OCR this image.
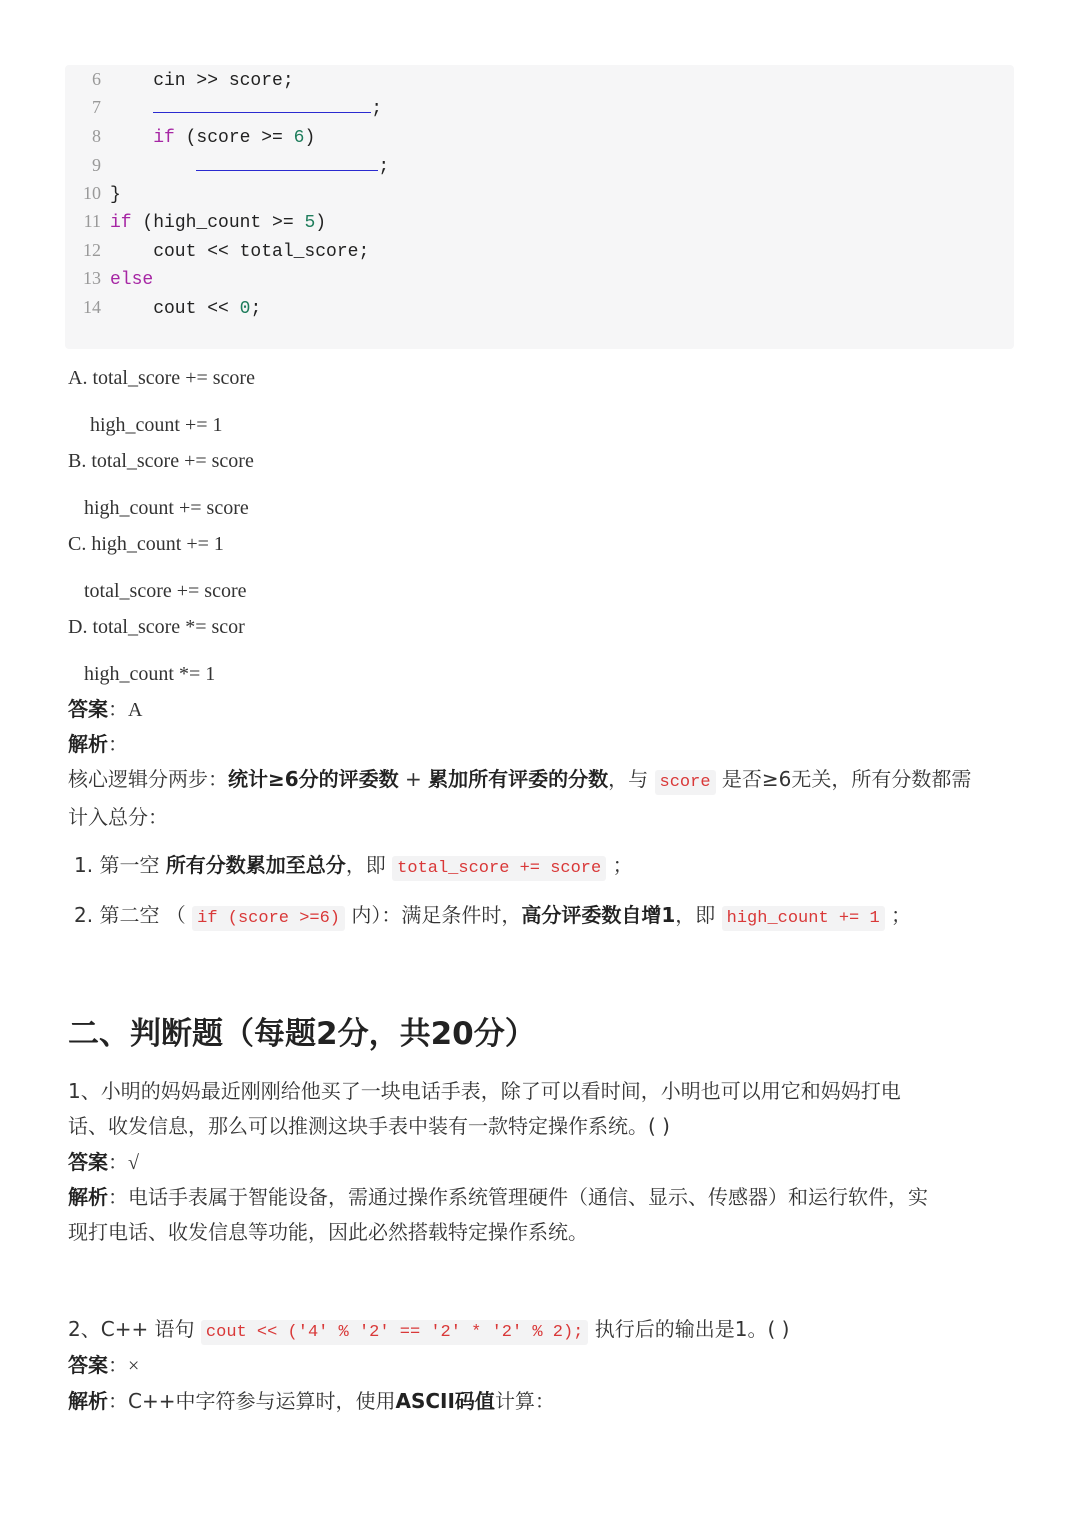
6    cin >> score;
7	;
8	if (score >= 6)
9	;
10 }
11 if (high_count >= 5)
12    cout << total_score;
13 else
14    cout << 0;
A. total_score += score
high_count += 1
B. total_score += score
high_count += score
C. high_count += 1
total_score += score
D. total_score *= scor
high_count *= 1
答案：A
解析：
核心逻辑分两步：统计≥6分的评委数 + 累加所有评委的分数，与 score 是否≥6无关，所有分数都需
计入总分：
1. 第一空 所有分数累加至总分，即 total_score += score ；
2. 第二空 （ if (score >=6) 内）：满足条件时，高分评委数自增1，即 high_count += 1 ；
二、判断题（每题2分，共20分）
1、小明的妈妈最近刚刚给他买了一块电话手表，除了可以看时间，小明也可以用它和妈妈打电
话、收发信息，那么可以推测这块手表中装有一款特定操作系统。( )
答案：√
解析：电话手表属于智能设备，需通过操作系统管理硬件（通信、显示、传感器）和运行软件，实
现打电话、收发信息等功能，因此必然搭载特定操作系统。
2、C++ 语句 cout << ('4' % '2' == '2' * '2' % 2); 执行后的输出是1。( )
答案：×
解析：C++中字符参与运算时，使用ASCII码值计算：
